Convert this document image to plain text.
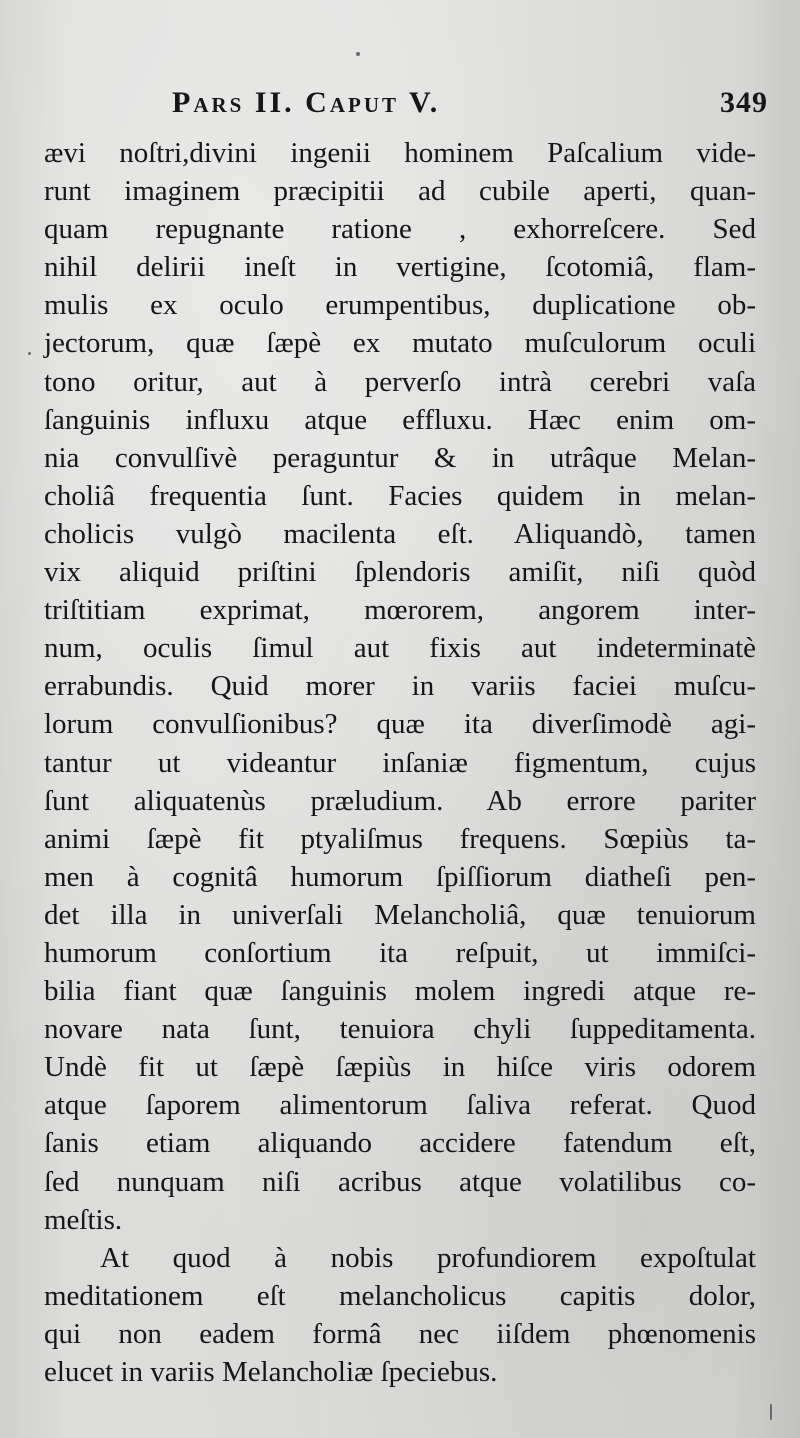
Pars II. Caput V.	349
ævi noſtri,divini ingenii hominem Paſcalium vide-
runt imaginem præcipitii ad cubile aperti, quan-
quam repugnante ratione , exhorreſcere. Sed
nihil delirii ineſt in vertigine, ſcotomiâ, flam-
mulis ex oculo erumpentibus, duplicatione ob-
jectorum, quæ ſæpè ex mutato muſculorum oculi
tono oritur, aut à perverſo intrà cerebri vaſa
ſanguinis influxu atque effluxu. Hæc enim om-
nia convulſivè peraguntur & in utrâque Melan-
choliâ frequentia ſunt. Facies quidem in melan-
cholicis vulgò macilenta eſt. Aliquandò, tamen
vix aliquid priſtini ſplendoris amiſit, niſi quòd
triſtitiam exprimat, mœrorem, angorem inter-
num, oculis ſimul aut fixis aut indeterminatè
errabundis. Quid morer in variis faciei muſcu-
lorum convulſionibus? quæ ita diverſimodè agi-
tantur ut videantur inſaniæ figmentum, cujus
ſunt aliquatenùs præludium. Ab errore pariter
animi ſæpè fit ptyaliſmus frequens. Sœpiùs ta-
men à cognitâ humorum ſpiſſiorum diatheſi pen-
det illa in univerſali Melancholiâ, quæ tenuiorum
humorum conſortium ita reſpuit, ut immiſci-
bilia fiant quæ ſanguinis molem ingredi atque re-
novare nata ſunt, tenuiora chyli ſuppeditamenta.
Undè fit ut ſæpè ſæpiùs in hiſce viris odorem
atque ſaporem alimentorum ſaliva referat. Quod
ſanis etiam aliquando accidere fatendum eſt,
ſed nunquam niſi acribus atque volatilibus co-
meſtis.
At quod à nobis profundiorem expoſtulat
meditationem eſt melancholicus capitis dolor,
qui non eadem formâ nec iiſdem phœnomenis
elucet in variis Melancholiæ ſpeciebus.
